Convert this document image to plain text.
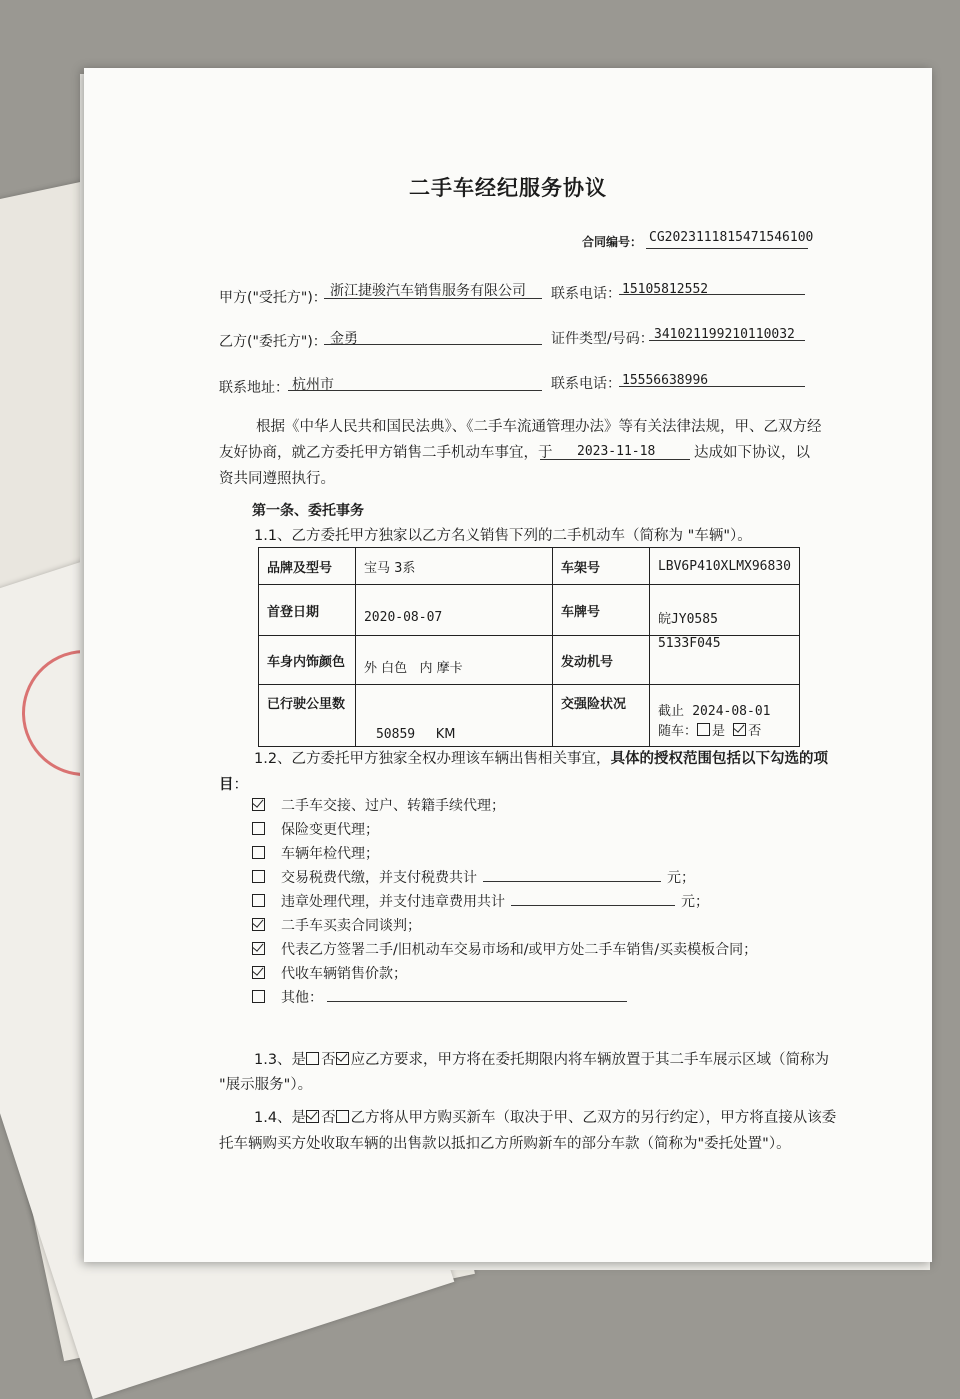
二手车经纪服务协议
合同编号： CG2023111815471546100
甲方("受托方")： 浙江捷骏汽车销售服务有限公司 联系电话： 15105812552
乙方("委托方")： 金勇	证件类型/号码： 341021199210110032
联系地址： 杭州市	联系电话： 15556638996
根据《中华人民共和国民法典》、《二手车流通管理办法》等有关法律法规，甲、乙双方经
友好协商，就乙方委托甲方销售二手机动车事宜，于 2023-11-18	达成如下协议，以
资共同遵照执行。
第一条、委托事务
1.1、乙方委托甲方独家以乙方名义销售下列的二手机动车（简称为 "车辆"）。
品牌及型号	宝马 3系	车架号	LBV6P410XLMX96830
首登日期	2020-08-07	车牌号	皖JY0585
车身内饰颜色	外 白色 内 摩卡	发动机号	5133F045
已行驶公里数	50859 KM	交强险状况	截止 2024-08-01
随车： 是 否
1.2、乙方委托甲方独家全权办理该车辆出售相关事宜，具体的授权范围包括以下勾选的项
目：
二手车交接、过户、转籍手续代理；
保险变更代理；
车辆年检代理；
交易税费代缴，并支付税费共计	元；
违章处理代理，并支付违章费用共计	元；
二手车买卖合同谈判；
代表乙方签署二手/旧机动车交易市场和/或甲方处二手车销售/买卖模板合同；
代收车辆销售价款；
其他：
1.3、是 否 应乙方要求，甲方将在委托期限内将车辆放置于其二手车展示区域（简称为
"展示服务"）。
1.4、是 否 乙方将从甲方购买新车（取决于甲、乙双方的另行约定），甲方将直接从该委
托车辆购买方处收取车辆的出售款以抵扣乙方所购新车的部分车款（简称为"委托处置"）。
